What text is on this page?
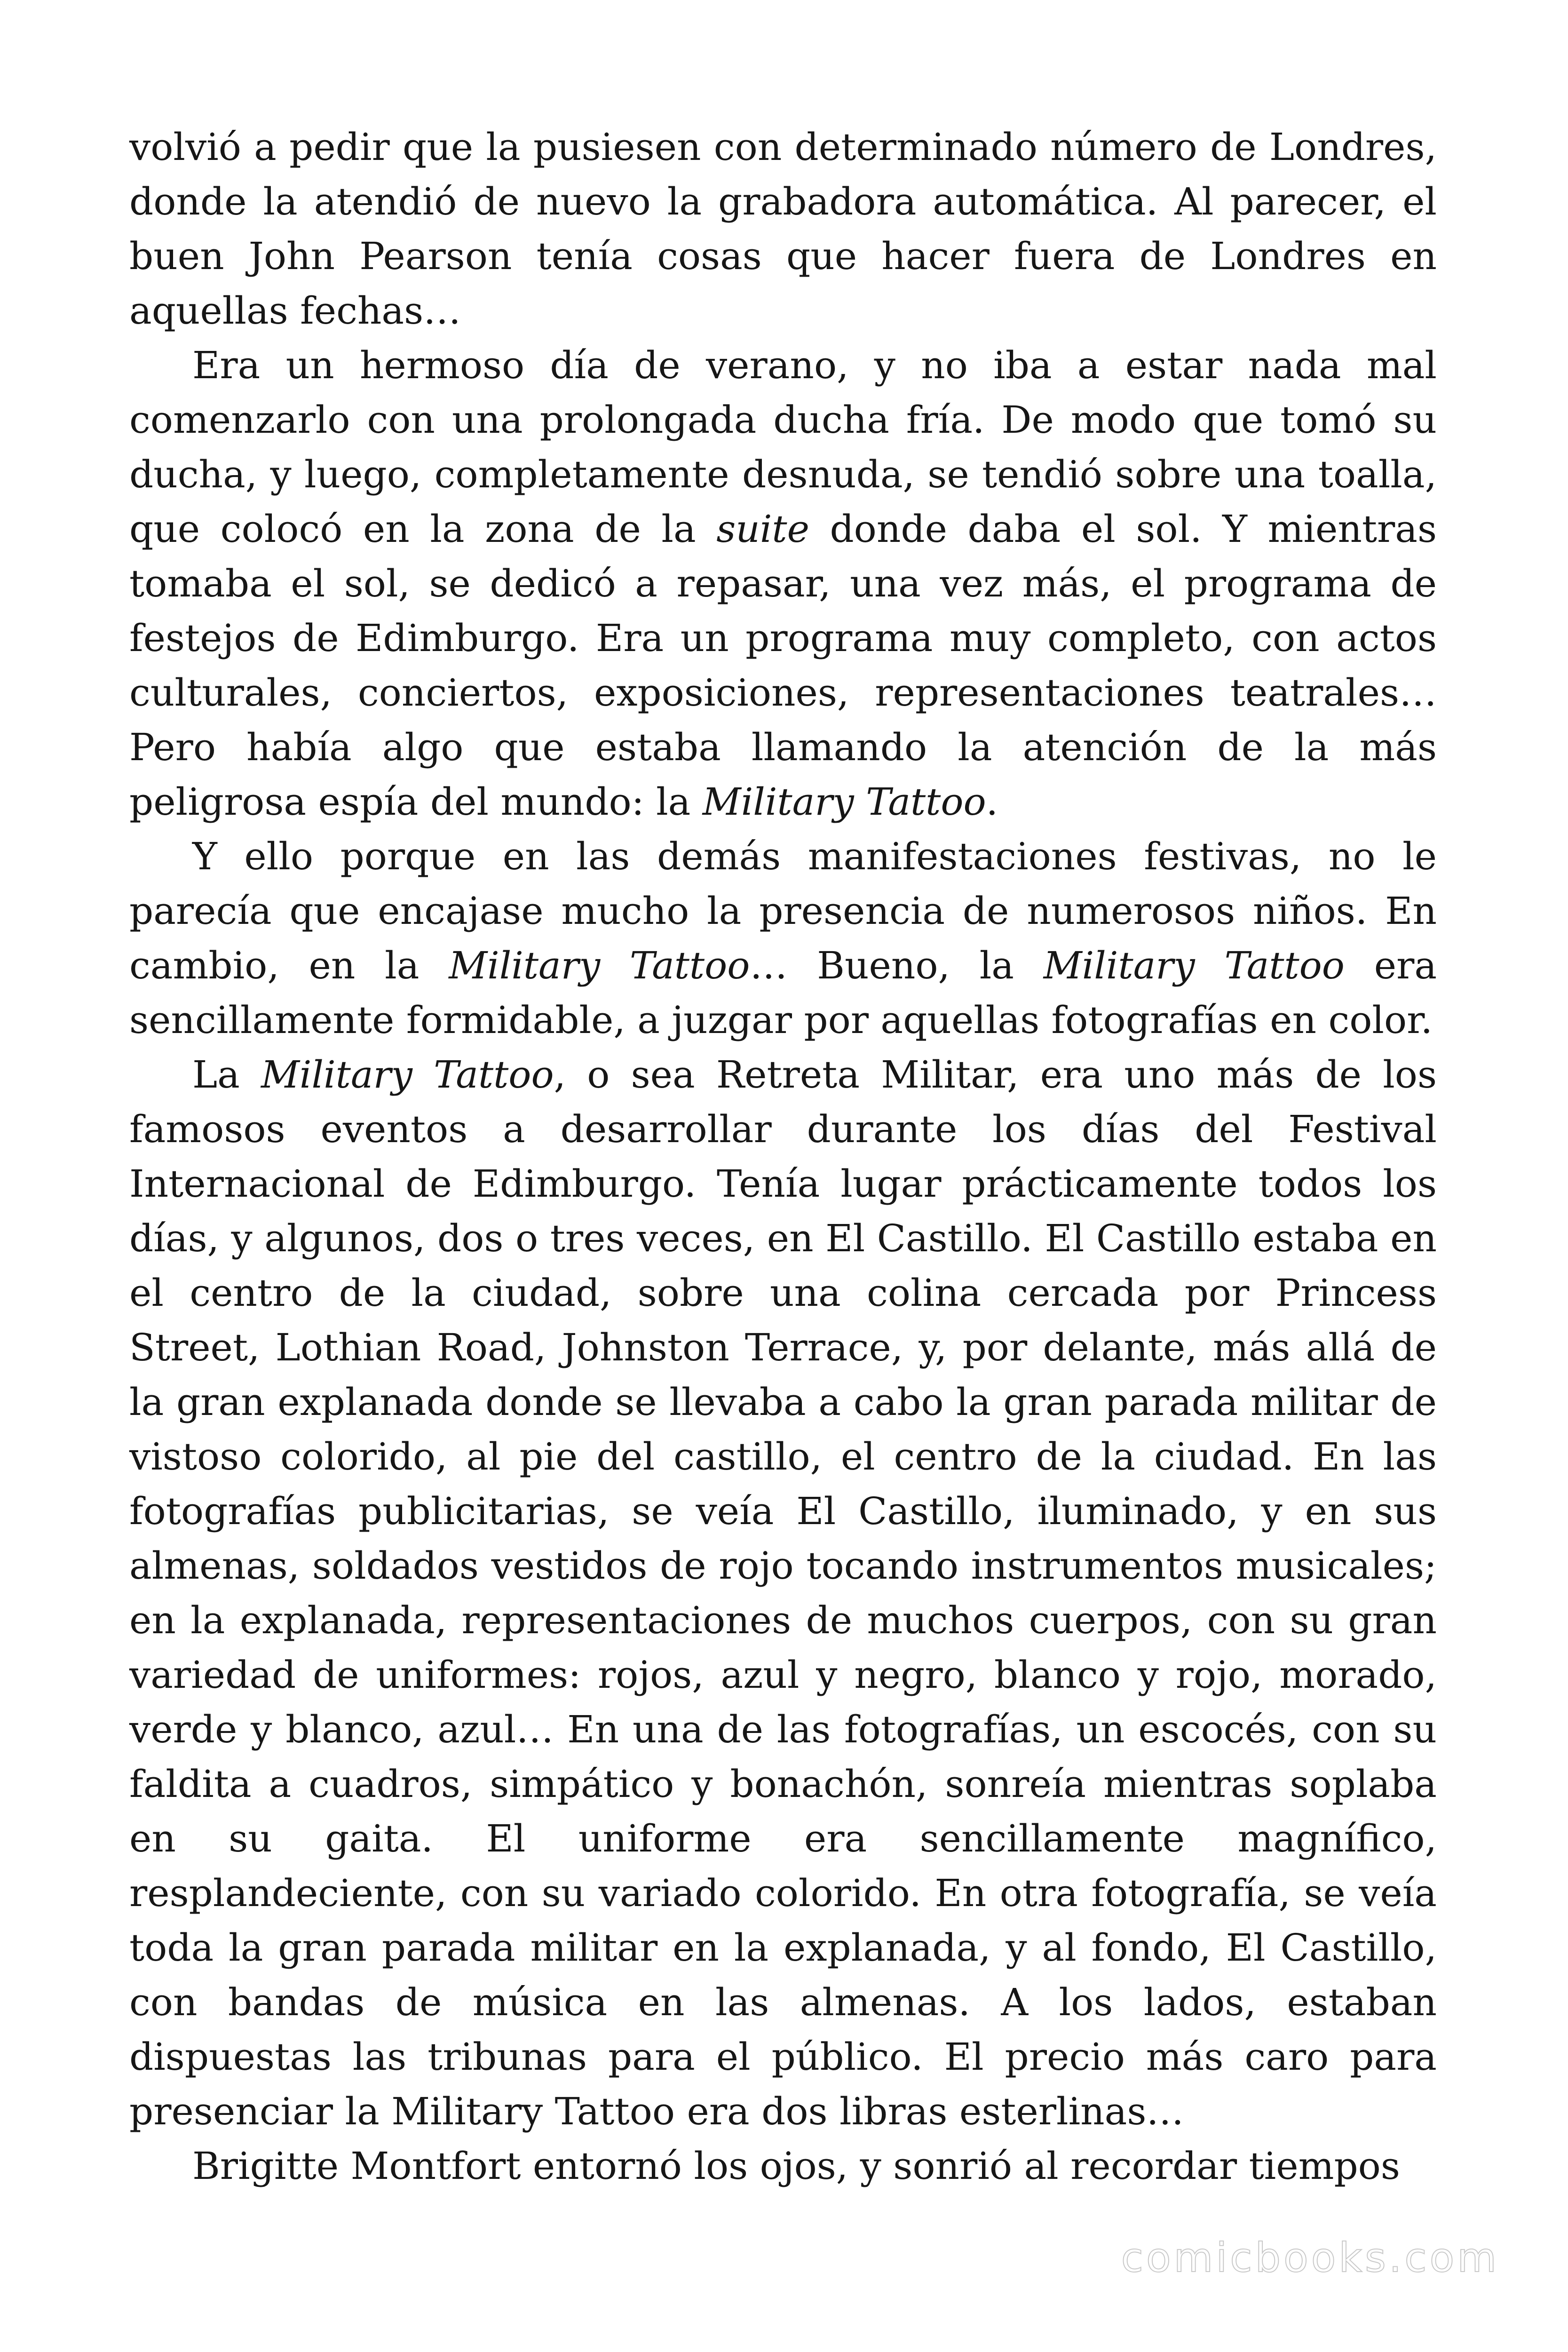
volvió a pedir que la pusiesen con determinado número de Londres, donde la atendió de nuevo la grabadora automática. Al parecer, el buen John Pearson tenía cosas que hacer fuera de Londres en aquellas fechas…

Era un hermoso día de verano, y no iba a estar nada mal comenzarlo con una prolongada ducha fría. De modo que tomó su ducha, y luego, completamente desnuda, se tendió sobre una toalla, que colocó en la zona de la suite donde daba el sol. Y mientras tomaba el sol, se dedicó a repasar, una vez más, el programa de festejos de Edimburgo. Era un programa muy completo, con actos culturales, conciertos, exposiciones, representaciones teatrales… Pero había algo que estaba llamando la atención de la más peligrosa espía del mundo: la Military Tattoo.

Y ello porque en las demás manifestaciones festivas, no le parecía que encajase mucho la presencia de numerosos niños. En cambio, en la Military Tattoo… Bueno, la Military Tattoo era sencillamente formidable, a juzgar por aquellas fotografías en color.

La Military Tattoo, o sea Retreta Militar, era uno más de los famosos eventos a desarrollar durante los días del Festival Internacional de Edimburgo. Tenía lugar prácticamente todos los días, y algunos, dos o tres veces, en El Castillo. El Castillo estaba en el centro de la ciudad, sobre una colina cercada por Princess Street, Lothian Road, Johnston Terrace, y, por delante, más allá de la gran explanada donde se llevaba a cabo la gran parada militar de vistoso colorido, al pie del castillo, el centro de la ciudad. En las fotografías publicitarias, se veía El Castillo, iluminado, y en sus almenas, soldados vestidos de rojo tocando instrumentos musicales; en la explanada, representaciones de muchos cuerpos, con su gran variedad de uniformes: rojos, azul y negro, blanco y rojo, morado, verde y blanco, azul… En una de las fotografías, un escocés, con su faldita a cuadros, simpático y bonachón, sonreía mientras soplaba en su gaita. El uniforme era sencillamente magnífico, resplandeciente, con su variado colorido. En otra fotografía, se veía toda la gran parada militar en la explanada, y al fondo, El Castillo, con bandas de música en las almenas. A los lados, estaban dispuestas las tribunas para el público. El precio más caro para presenciar la Military Tattoo era dos libras esterlinas…

Brigitte Montfort entornó los ojos, y sonrió al recordar tiempos

comicbooks.com
